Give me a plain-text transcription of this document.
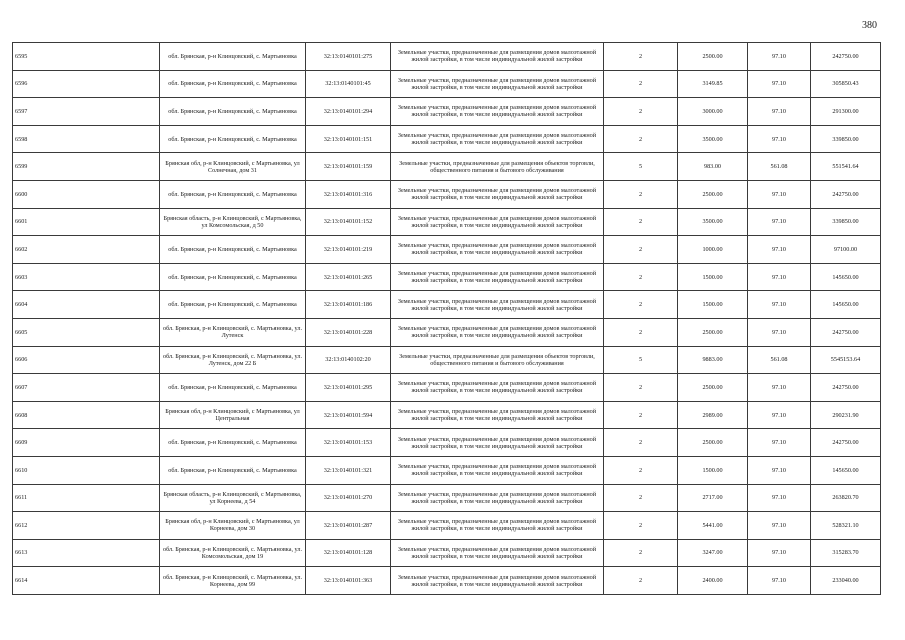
380
6595	обл. Брянская, р-н Клинцовский, с. Мартьяновка	32:13:0140101:275	Земельные участки, предназначенные для размещения домов малоэтажной жилой застройки, в том числе индивидуальной жилой застройки	2	2500.00	97.10	242750.00
6596	обл. Брянская, р-н Клинцовский, с. Мартьяновка	32:13:0140101:45	Земельные участки, предназначенные для размещения домов малоэтажной жилой застройки, в том числе индивидуальной жилой застройки	2	3149.85	97.10	305850.43
6597	обл. Брянская, р-н Клинцовский, с. Мартьяновка	32:13:0140101:294	Земельные участки, предназначенные для размещения домов малоэтажной жилой застройки, в том числе индивидуальной жилой застройки	2	3000.00	97.10	291300.00
6598	обл. Брянская, р-н Клинцовский, с. Мартьяновка	32:13:0140101:151	Земельные участки, предназначенные для размещения домов малоэтажной жилой застройки, в том числе индивидуальной жилой застройки	2	3500.00	97.10	339850.00
6599	Брянская обл, р-н Клинцовский, с Мартьяновка, ул Солнечная, дом 31	32:13:0140101:159	Земельные участки, предназначенные для размещения объектов торговли, общественного питания и бытового обслуживания	5	983.00	561.08	551541.64
6600	обл. Брянская, р-н Клинцовский, с. Мартьяновка	32:13:0140101:316	Земельные участки, предназначенные для размещения домов малоэтажной жилой застройки, в том числе индивидуальной жилой застройки	2	2500.00	97.10	242750.00
6601	Брянская область, р-н Клинцовский, с Мартьяновка, ул Комсомольская, д 50	32:13:0140101:152	Земельные участки, предназначенные для размещения домов малоэтажной жилой застройки, в том числе индивидуальной жилой застройки	2	3500.00	97.10	339850.00
6602	обл. Брянская, р-н Клинцовский, с. Мартьяновка	32:13:0140101:219	Земельные участки, предназначенные для размещения домов малоэтажной жилой застройки, в том числе индивидуальной жилой застройки	2	1000.00	97.10	97100.00
6603	обл. Брянская, р-н Клинцовский, с. Мартьяновка	32:13:0140101:265	Земельные участки, предназначенные для размещения домов малоэтажной жилой застройки, в том числе индивидуальной жилой застройки	2	1500.00	97.10	145650.00
6604	обл. Брянская, р-н Клинцовский, с. Мартьяновка	32:13:0140101:186	Земельные участки, предназначенные для размещения домов малоэтажной жилой застройки, в том числе индивидуальной жилой застройки	2	1500.00	97.10	145650.00
6605	обл. Брянская, р-н Клинцовский, с. Мартьяновка, ул. Лутенск	32:13:0140101:228	Земельные участки, предназначенные для размещения домов малоэтажной жилой застройки, в том числе индивидуальной жилой застройки	2	2500.00	97.10	242750.00
6606	обл. Брянская, р-н Клинцовский, с. Мартьяновка, ул. Лутенск, дом 22 Б	32:13:0140102:20	Земельные участки, предназначенные для размещения объектов торговли, общественного питания и бытового обслуживания	5	9883.00	561.08	5545153.64
6607	обл. Брянская, р-н Клинцовский, с. Мартьяновка	32:13:0140101:295	Земельные участки, предназначенные для размещения домов малоэтажной жилой застройки, в том числе индивидуальной жилой застройки	2	2500.00	97.10	242750.00
6608	Брянская обл, р-н Клинцовский, с Мартьяновка, ул Центральная	32:13:0140101:594	Земельные участки, предназначенные для размещения домов малоэтажной жилой застройки, в том числе индивидуальной жилой застройки	2	2989.00	97.10	290231.90
6609	обл. Брянская, р-н Клинцовский, с. Мартьяновка	32:13:0140101:153	Земельные участки, предназначенные для размещения домов малоэтажной жилой застройки, в том числе индивидуальной жилой застройки	2	2500.00	97.10	242750.00
6610	обл. Брянская, р-н Клинцовский, с. Мартьяновка	32:13:0140101:321	Земельные участки, предназначенные для размещения домов малоэтажной жилой застройки, в том числе индивидуальной жилой застройки	2	1500.00	97.10	145650.00
6611	Брянская область, р-н Клинцовский, с Мартьяновка, ул Корнеева, д 54	32:13:0140101:270	Земельные участки, предназначенные для размещения домов малоэтажной жилой застройки, в том числе индивидуальной жилой застройки	2	2717.00	97.10	263820.70
6612	Брянская обл, р-н Клинцовский, с Мартьяновка, ул Корнеева, дом 30	32:13:0140101:287	Земельные участки, предназначенные для размещения домов малоэтажной жилой застройки, в том числе индивидуальной жилой застройки	2	5441.00	97.10	528321.10
6613	обл. Брянская, р-н Клинцовский, с. Мартьяновка, ул. Комсомольская, дом 19	32:13:0140101:128	Земельные участки, предназначенные для размещения домов малоэтажной жилой застройки, в том числе индивидуальной жилой застройки	2	3247.00	97.10	315283.70
6614	обл. Брянская, р-н Клинцовский, с. Мартьяновка, ул. Корнеева, дом 99	32:13:0140101:363	Земельные участки, предназначенные для размещения домов малоэтажной жилой застройки, в том числе индивидуальной жилой застройки	2	2400.00	97.10	233040.00
